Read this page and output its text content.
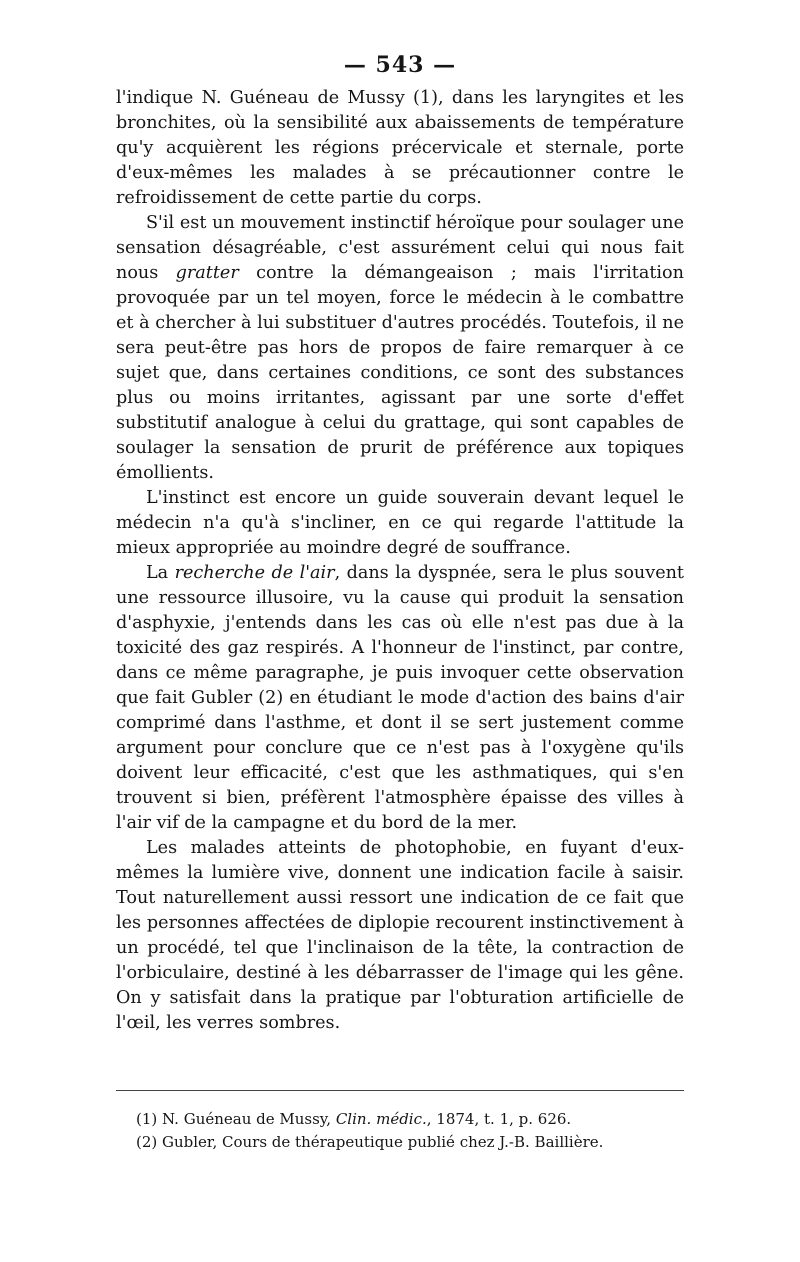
— 543 —

l'indique N. Guéneau de Mussy (1), dans les laryngites et les bronchites, où la sensibilité aux abaissements de température qu'y acquièrent les régions précervicale et sternale, porte d'eux-mêmes les malades à se précautionner contre le refroidissement de cette partie du corps.

S'il est un mouvement instinctif héroïque pour soulager une sensation désagréable, c'est assurément celui qui nous fait nous gratter contre la démangeaison ; mais l'irritation provoquée par un tel moyen, force le médecin à le combattre et à chercher à lui substituer d'autres procédés. Toutefois, il ne sera peut-être pas hors de propos de faire remarquer à ce sujet que, dans certaines conditions, ce sont des substances plus ou moins irritantes, agissant par une sorte d'effet substitutif analogue à celui du grattage, qui sont capables de soulager la sensation de prurit de préférence aux topiques émollients.

L'instinct est encore un guide souverain devant lequel le médecin n'a qu'à s'incliner, en ce qui regarde l'attitude la mieux appropriée au moindre degré de souffrance.

La recherche de l'air, dans la dyspnée, sera le plus souvent une ressource illusoire, vu la cause qui produit la sensation d'asphyxie, j'entends dans les cas où elle n'est pas due à la toxicité des gaz respirés. A l'honneur de l'instinct, par contre, dans ce même paragraphe, je puis invoquer cette observation que fait Gubler (2) en étudiant le mode d'action des bains d'air comprimé dans l'asthme, et dont il se sert justement comme argument pour conclure que ce n'est pas à l'oxygène qu'ils doivent leur efficacité, c'est que les asthmatiques, qui s'en trouvent si bien, préfèrent l'atmosphère épaisse des villes à l'air vif de la campagne et du bord de la mer.

Les malades atteints de photophobie, en fuyant d'eux-mêmes la lumière vive, donnent une indication facile à saisir. Tout naturellement aussi ressort une indication de ce fait que les personnes affectées de diplopie recourent instinctivement à un procédé, tel que l'inclinaison de la tête, la contraction de l'orbiculaire, destiné à les débarrasser de l'image qui les gêne. On y satisfait dans la pratique par l'obturation artificielle de l'œil, les verres sombres.

(1) N. Guéneau de Mussy, Clin. médic., 1874, t. 1, p. 626.
(2) Gubler, Cours de thérapeutique publié chez J.-B. Baillière.
